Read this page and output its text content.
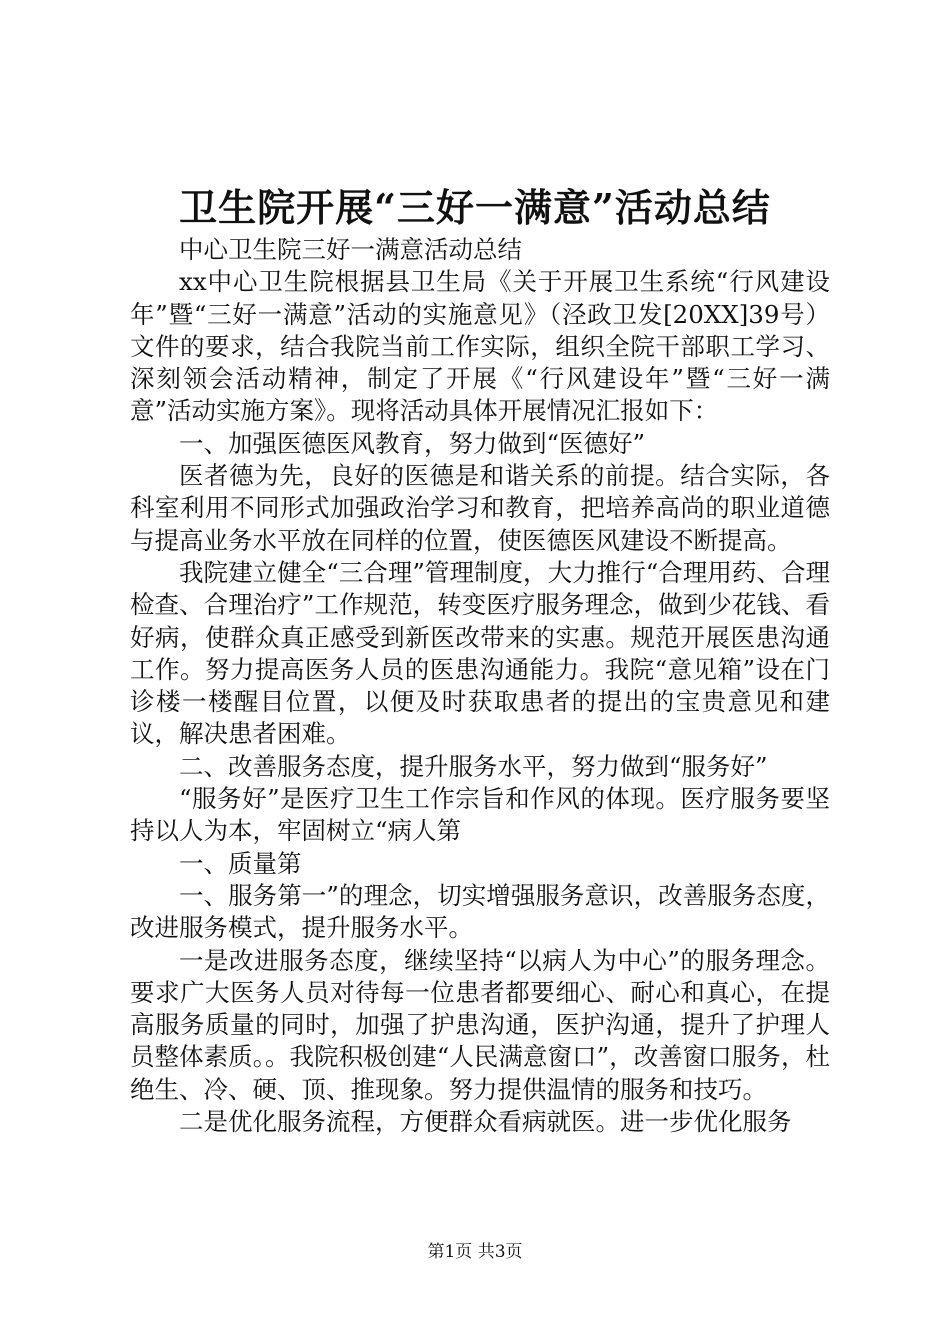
卫生院开展“三好一满意”活动总结

中心卫生院三好一满意活动总结

xx中心卫生院根据县卫生局《关于开展卫生系统“行风建设年”暨“三好一满意”活动的实施意见》（泾政卫发[20XX]39号）文件的要求，结合我院当前工作实际，组织全院干部职工学习、深刻领会活动精神，制定了开展《“行风建设年”暨“三好一满意”活动实施方案》。现将活动具体开展情况汇报如下：

一、加强医德医风教育，努力做到“医德好”

医者德为先，良好的医德是和谐关系的前提。结合实际，各科室利用不同形式加强政治学习和教育，把培养高尚的职业道德与提高业务水平放在同样的位置，使医德医风建设不断提高。

我院建立健全“三合理”管理制度，大力推行“合理用药、合理检查、合理治疗”工作规范，转变医疗服务理念，做到少花钱、看好病，使群众真正感受到新医改带来的实惠。规范开展医患沟通工作。努力提高医务人员的医患沟通能力。我院“意见箱”设在门诊楼一楼醒目位置，以便及时获取患者的提出的宝贵意见和建议，解决患者困难。

二、改善服务态度，提升服务水平，努力做到“服务好”

“服务好”是医疗卫生工作宗旨和作风的体现。医疗服务要坚持以人为本，牢固树立“病人第

一、质量第

一、服务第一”的理念，切实增强服务意识，改善服务态度，改进服务模式，提升服务水平。

一是改进服务态度，继续坚持“以病人为中心”的服务理念。要求广大医务人员对待每一位患者都要细心、耐心和真心，在提高服务质量的同时，加强了护患沟通，医护沟通，提升了护理人员整体素质。。我院积极创建“人民满意窗口”，改善窗口服务，杜绝生、冷、硬、顶、推现象。努力提供温情的服务和技巧。

二是优化服务流程，方便群众看病就医。进一步优化服务

第1页 共3页
